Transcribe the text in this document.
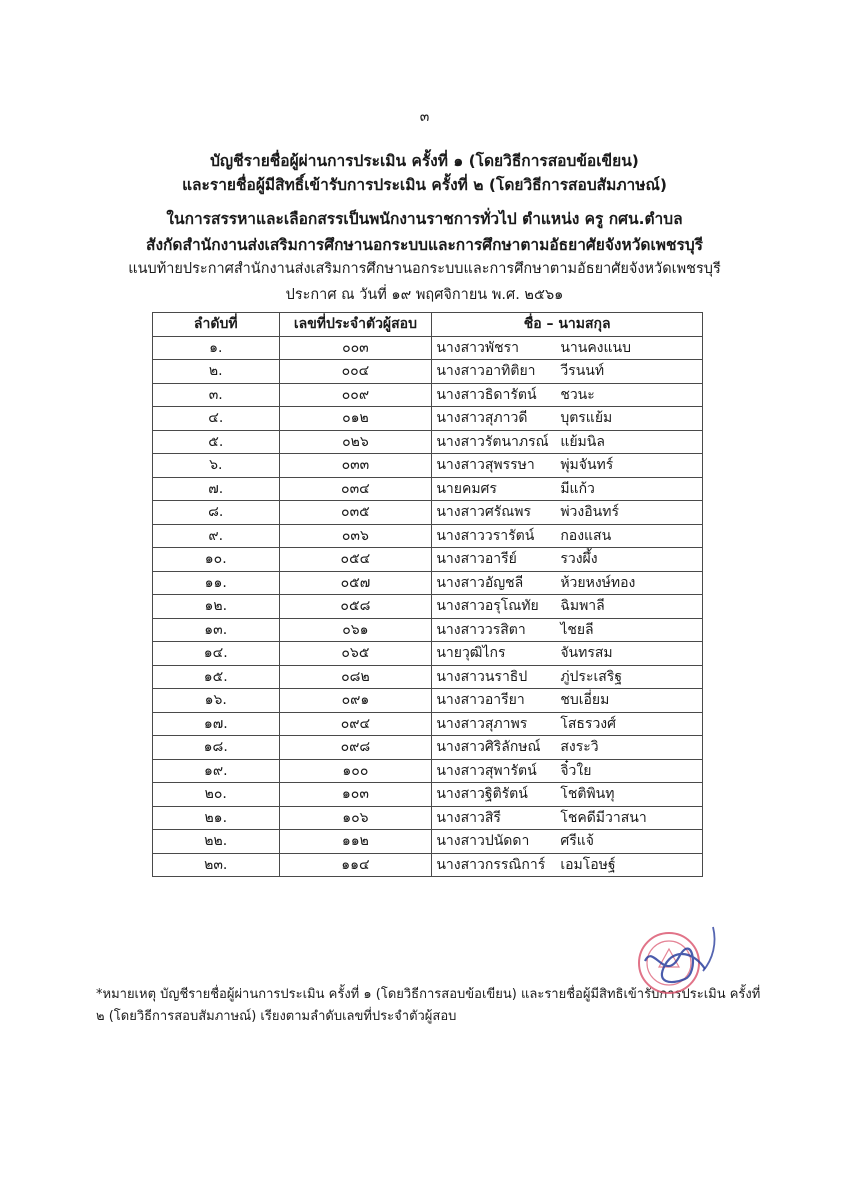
๓
บัญชีรายชื่อผู้ผ่านการประเมิน ครั้งที่ ๑ (โดยวิธีการสอบข้อเขียน)
และรายชื่อผู้มีสิทธิ์เข้ารับการประเมิน ครั้งที่ ๒ (โดยวิธีการสอบสัมภาษณ์)
ในการสรรหาและเลือกสรรเป็นพนักงานราชการทั่วไป ตำแหน่ง ครู กศน.ตำบล
สังกัดสำนักงานส่งเสริมการศึกษานอกระบบและการศึกษาตามอัธยาศัยจังหวัดเพชรบุรี
แนบท้ายประกาศสำนักงานส่งเสริมการศึกษานอกระบบและการศึกษาตามอัธยาศัยจังหวัดเพชรบุรี
ประกาศ ณ วันที่ ๑๙ พฤศจิกายน พ.ศ. ๒๕๖๑
ลำดับที่	เลขที่ประจำตัวผู้สอบ	ชื่อ – นามสกุล
๑.	๐๐๓	นางสาวพัชรา นานคงแนบ
๒.	๐๐๔	นางสาวอาทิติยา วีรนนท์
๓.	๐๐๙	นางสาวธิดารัตน์ ชวนะ
๔.	๐๑๒	นางสาวสุภาวดี บุตรแย้ม
๕.	๐๒๖	นางสาวรัตนาภรณ์ แย้มนิล
๖.	๐๓๓	นางสาวสุพรรษา พุ่มจันทร์
๗.	๐๓๔	นายคมศร มีแก้ว
๘.	๐๓๕	นางสาวศรัณพร พ่วงอินทร์
๙.	๐๓๖	นางสาววรารัตน์ กองแสน
๑๐.	๐๕๔	นางสาวอารีย์ รวงผึ้ง
๑๑.	๐๕๗	นางสาวอัญชลี ห้วยหงษ์ทอง
๑๒.	๐๕๘	นางสาวอรุโณทัย ฉิมพาลี
๑๓.	๐๖๑	นางสาววรสิตา ไชยลี
๑๔.	๐๖๕	นายวุฒิไกร จันทรสม
๑๕.	๐๘๒	นางสาวนราธิป ภู่ประเสริฐ
๑๖.	๐๙๑	นางสาวอารียา ชบเอี่ยม
๑๗.	๐๙๔	นางสาวสุภาพร โสธรวงศ์
๑๘.	๐๙๘	นางสาวศิริลักษณ์ สงระวิ
๑๙.	๑๐๐	นางสาวสุพารัตน์ จิ๋วใย
๒๐.	๑๐๓	นางสาวฐิติรัตน์ โชติพินทุ
๒๑.	๑๐๖	นางสาวสิรี โชคดีมีวาสนา
๒๒.	๑๑๒	นางสาวปนัดดา ศรีแจ้
๒๓.	๑๑๔	นางสาวกรรณิการ์ เอมโอษฐ์
*หมายเหตุ บัญชีรายชื่อผู้ผ่านการประเมิน ครั้งที่ ๑ (โดยวิธีการสอบข้อเขียน) และรายชื่อผู้มีสิทธิเข้ารับการประเมิน ครั้งที่ ๒ (โดยวิธีการสอบสัมภาษณ์) เรียงตามลำดับเลขที่ประจำตัวผู้สอบ
